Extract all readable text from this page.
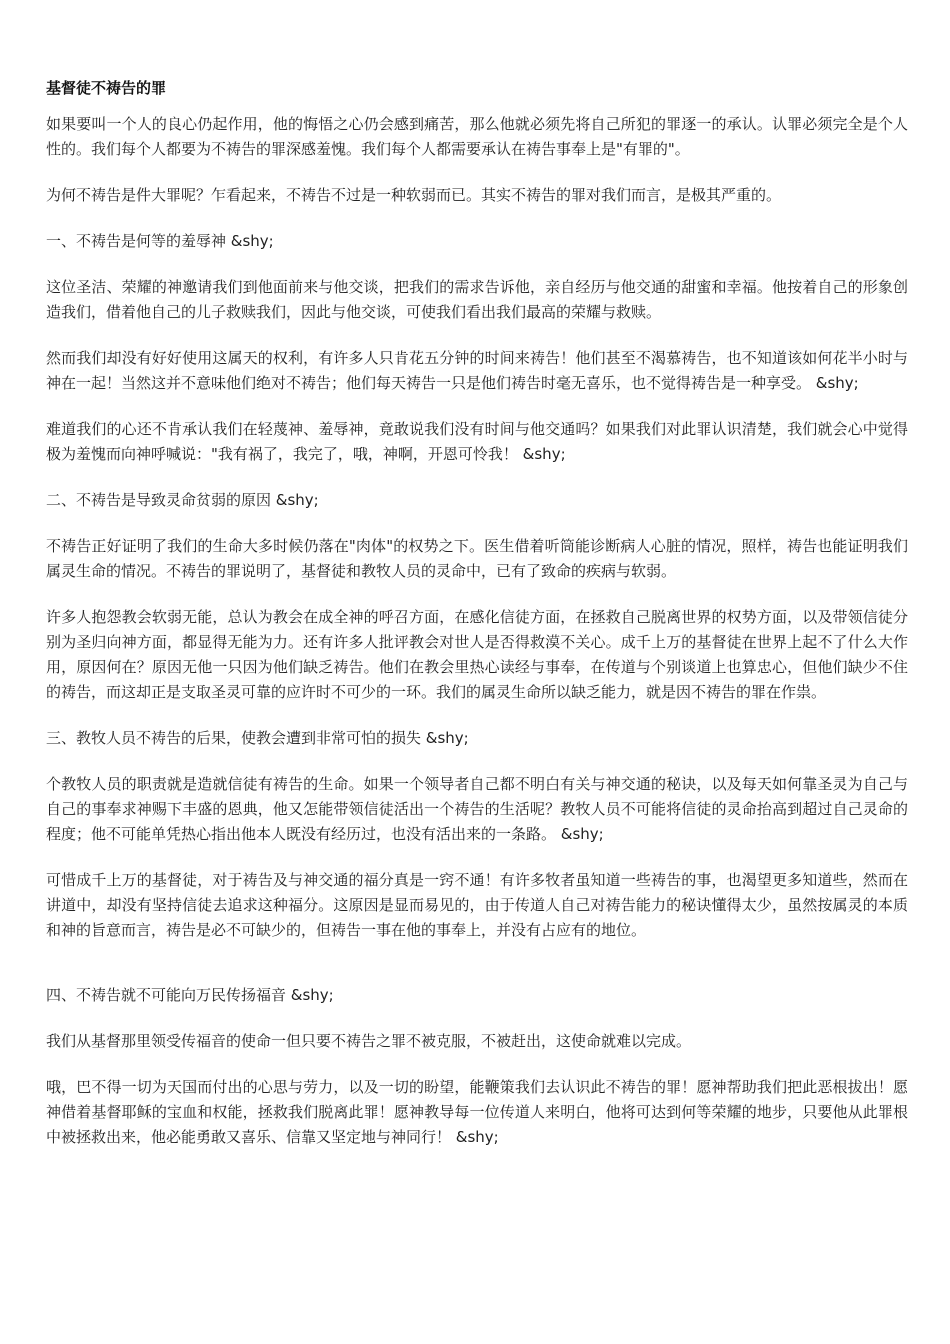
基督徒不祷告的罪

如果要叫一个人的良心仍起作用，他的悔悟之心仍会感到痛苦，那么他就必须先将自己所犯的罪逐一的承认。认罪必须完全是个人性的。我们每个人都要为不祷告的罪深感羞愧。我们每个人都需要承认在祷告事奉上是"有罪的"。

为何不祷告是件大罪呢？乍看起来，不祷告不过是一种软弱而已。其实不祷告的罪对我们而言，是极其严重的。

一、不祷告是何等的羞辱神 &shy;

这位圣洁、荣耀的神邀请我们到他面前来与他交谈，把我们的需求告诉他，亲自经历与他交通的甜蜜和幸福。他按着自己的形象创造我们，借着他自己的儿子救赎我们，因此与他交谈，可使我们看出我们最高的荣耀与救赎。

然而我们却没有好好使用这属天的权利，有许多人只肯花五分钟的时间来祷告！他们甚至不渴慕祷告，也不知道该如何花半小时与神在一起！当然这并不意味他们绝对不祷告；他们每天祷告一只是他们祷告时毫无喜乐，也不觉得祷告是一种享受。 &shy;

难道我们的心还不肯承认我们在轻蔑神、羞辱神，竟敢说我们没有时间与他交通吗？如果我们对此罪认识清楚，我们就会心中觉得极为羞愧而向神呼喊说："我有祸了，我完了，哦，神啊，开恩可怜我！ &shy;

二、不祷告是导致灵命贫弱的原因 &shy;

不祷告正好证明了我们的生命大多时候仍落在"肉体"的权势之下。医生借着听筒能诊断病人心脏的情况，照样，祷告也能证明我们属灵生命的情况。不祷告的罪说明了，基督徒和教牧人员的灵命中，已有了致命的疾病与软弱。

许多人抱怨教会软弱无能，总认为教会在成全神的呼召方面，在感化信徒方面，在拯救自己脱离世界的权势方面，以及带领信徒分别为圣归向神方面，都显得无能为力。还有许多人批评教会对世人是否得救漠不关心。成千上万的基督徒在世界上起不了什么大作用，原因何在？原因无他一只因为他们缺乏祷告。他们在教会里热心读经与事奉，在传道与个别谈道上也算忠心，但他们缺少不住的祷告，而这却正是支取圣灵可靠的应许时不可少的一环。我们的属灵生命所以缺乏能力，就是因不祷告的罪在作祟。

三、教牧人员不祷告的后果，使教会遭到非常可怕的损失 &shy;

个教牧人员的职责就是造就信徒有祷告的生命。如果一个领导者自己都不明白有关与神交通的秘诀，以及每天如何靠圣灵为自己与自己的事奉求神赐下丰盛的恩典，他又怎能带领信徒活出一个祷告的生活呢？教牧人员不可能将信徒的灵命抬高到超过自己灵命的程度；他不可能单凭热心指出他本人既没有经历过，也没有活出来的一条路。 &shy;

可惜成千上万的基督徒，对于祷告及与神交通的福分真是一窍不通！有许多牧者虽知道一些祷告的事，也渴望更多知道些，然而在讲道中，却没有坚持信徒去追求这种福分。这原因是显而易见的，由于传道人自己对祷告能力的秘诀懂得太少，虽然按属灵的本质和神的旨意而言，祷告是必不可缺少的，但祷告一事在他的事奉上，并没有占应有的地位。

四、不祷告就不可能向万民传扬福音 &shy;

我们从基督那里领受传福音的使命一但只要不祷告之罪不被克服，不被赶出，这使命就难以完成。

哦，巴不得一切为天国而付出的心思与劳力，以及一切的盼望，能鞭策我们去认识此不祷告的罪！愿神帮助我们把此恶根拔出！愿神借着基督耶稣的宝血和权能，拯救我们脱离此罪！愿神教导每一位传道人来明白，他将可达到何等荣耀的地步，只要他从此罪根中被拯救出来，他必能勇敢又喜乐、信靠又坚定地与神同行！ &shy;
